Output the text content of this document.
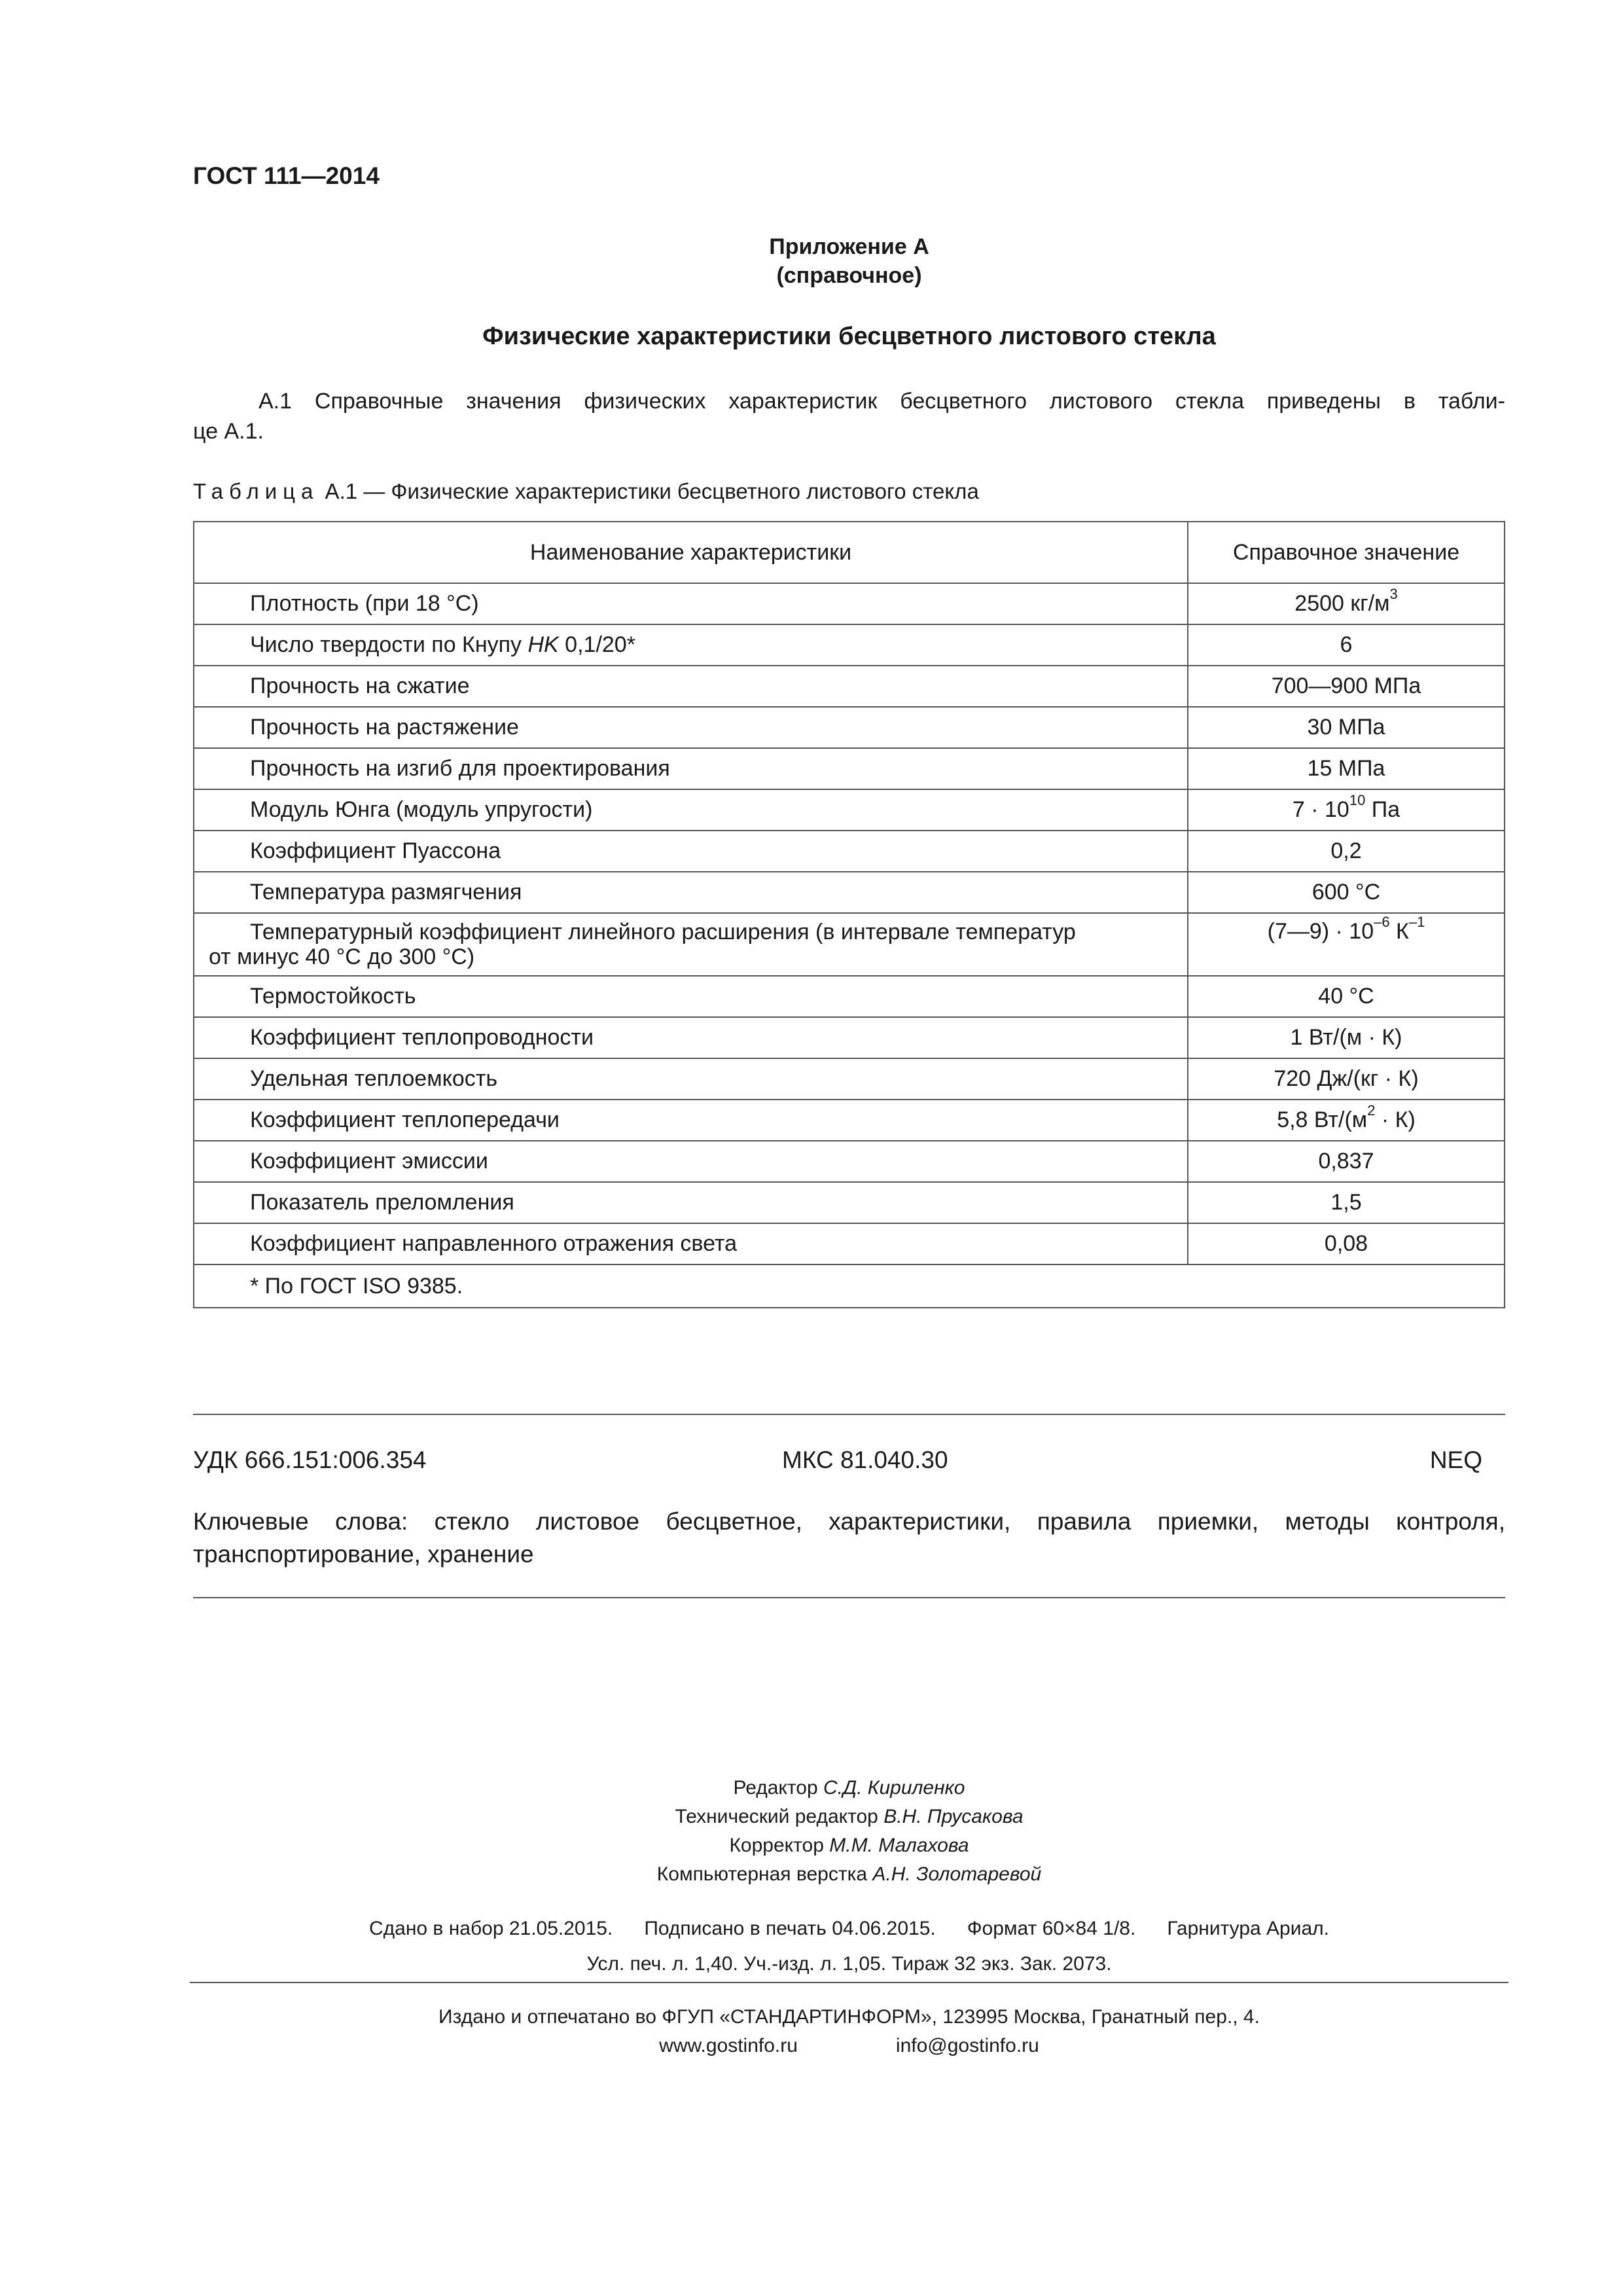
ГОСТ 111—2014
Приложение А
(справочное)
Физические характеристики бесцветного листового стекла
А.1 Справочные значения физических характеристик бесцветного листового стекла приведены в табли-
це А.1.
Таблица А.1 — Физические характеристики бесцветного листового стекла
Наименование характеристики	Справочное значение
Плотность (при 18 °С)	2500 $кг/м^3$
Число твердости по Кнупу HK 0,1/20*	6
Прочность на сжатие	700—900 МПа
Прочность на растяжение	30 МПа
Прочность на изгиб для проектирования	15 МПа
Модуль Юнга (модуль упругости)	$7 \cdot 10^{10}$ Па
Коэффициент Пуассона	0,2
Температура размягчения	600 °С

Температурный коэффициент линейного расширения (в интервале температур
от минус 40 °С до 300 °С)	(7—9) · $10^{-6}$ $К^{-1}$
Термостойкость	40 °С
Коэффициент теплопроводности	1 Вт/(м · К)
Удельная теплоемкость	720 Дж/(кг · К)
Коэффициент теплопередачи	5,8 $Вт/(м^2 \cdot К)$
Коэффициент эмиссии	0,837
Показатель преломления	1,5
Коэффициент направленного отражения света	0,08
* По ГОСТ ISO 9385.	
УДК 666.151:006.354	МКС 81.040.30	NEQ
Ключевые слова: стекло листовое бесцветное, характеристики, правила приемки, методы контроля,
транспортирование, хранение
Редактор С.Д. Кириленко
Технический редактор В.Н. Прусакова
Корректор М.М. Малахова
Компьютерная верстка А.Н. Золотаревой
Сдано в набор 21.05.2015. Подписано в печать 04.06.2015. Формат 60×84 1/8. Гарнитура Ариал.
Усл. печ. л. 1,40. Уч.-изд. л. 1,05. Тираж 32 экз. Зак. 2073.
Издано и отпечатано во ФГУП «СТАНДАРТИНФОРМ», 123995 Москва, Гранатный пер., 4.
www.gostinfo.ru	info@gostinfo.ru
